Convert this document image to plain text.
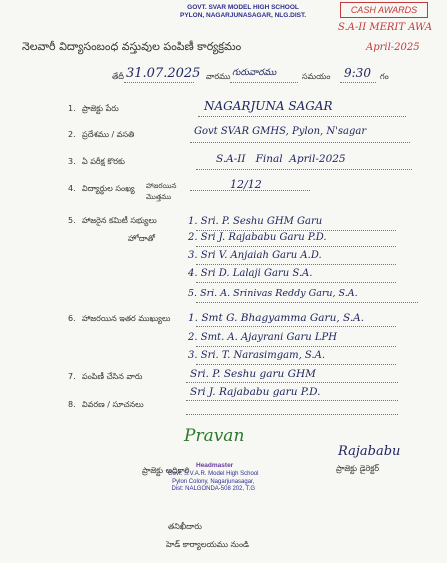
GOVT. SVAR MODEL HIGH SCHOOL
PYLON, NAGARJUNASAGAR, NLG.DIST.
CASH AWARDS
S.A-II MERIT AWA
నెలవారీ విద్యాసంబంధ వస్తువుల పంపిణీ కార్యక్రమం	April-2025
తేదీ 31.07.2025 వారము గురువారము	సమయం 9:30 గం
1. ప్రాజెక్టు పేరు	NAGARJUNA SAGAR
2. ప్రదేశము / వసతి	Govt SVAR GMHS, Pylon, N'sagar
3. ఏ పరీక్ష కొరకు	S.A-II   Final  April-2025
4. విద్యార్థుల సంఖ్య హాజరయిన
మొత్తము
12/12
5. హాజరైన కమిటీ సభ్యులు
హోదాతో
1. Sri. P. Seshu GHM Garu
2. Sri J. Rajababu Garu P.D.
3. Sri V. Anjaiah Garu A.D.
4. Sri D. Lalaji Garu S.A.
5. Sri. A. Srinivas Reddy Garu, S.A.
6. హాజరయిన ఇతర ముఖ్యులు 1. Smt G. Bhagyamma Garu, S.A.
2. Smt. A. Ajayrani Garu LPH
3. Sri. T. Narasimgam, S.A.
7. పంపిణీ చేసిన వారు	Sri. P. Seshu garu GHM
Sri J. Rajababu garu P.D.
8. వివరణ / సూచనలు
Pravan
Headmaster
Govt. S.V.A.R. Model High School
Pylon Colony, Nagarjunasagar,
Dist: NALGONDA-508 202, T.G
ప్రాజెక్టు అధికారి
Rajababu
ప్రాజెక్టు డైరెక్టర్
తనిఖీదారు
హెడ్ కార్యాలయము నుండి
